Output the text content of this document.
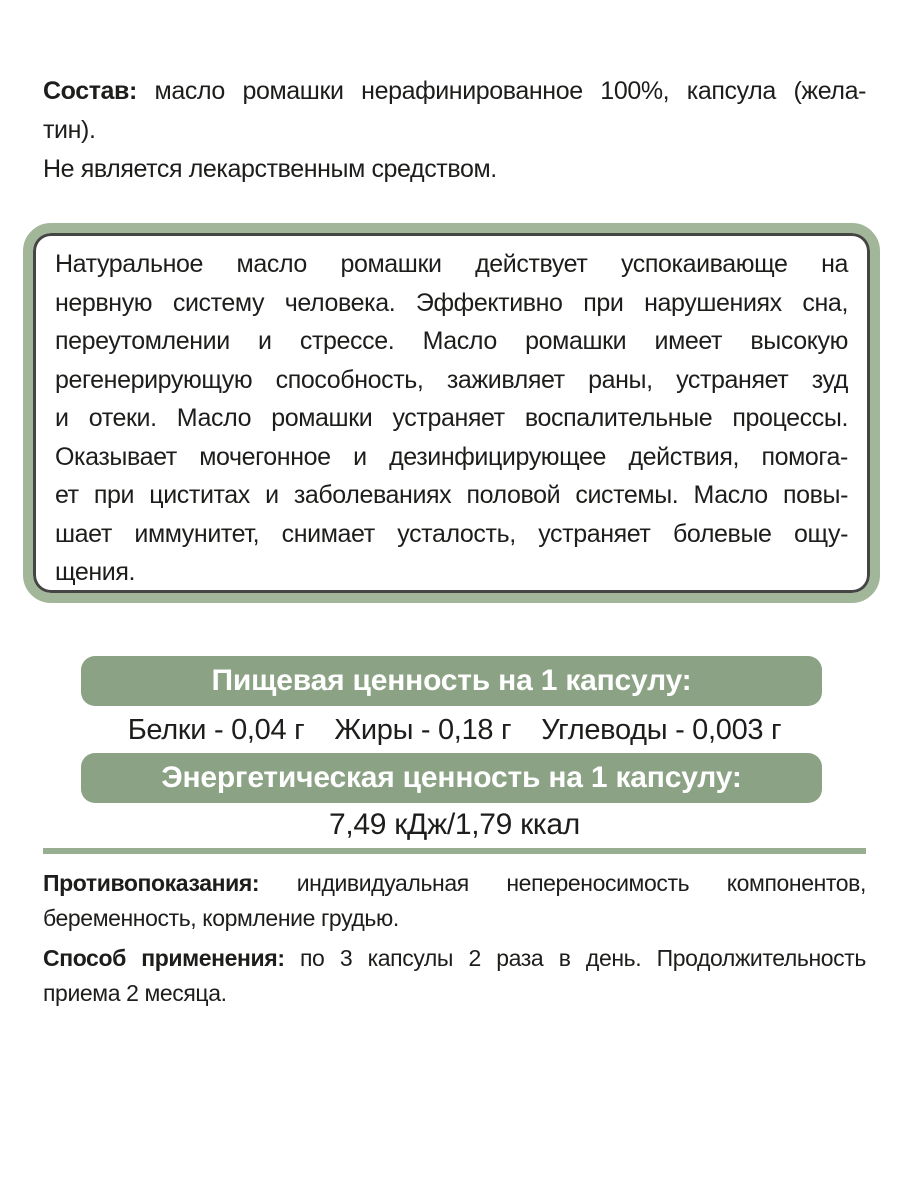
Состав: масло ромашки нерафинированное 100%, капсула (жела-
тин).
Не является лекарственным средством.
Натуральное масло ромашки действует успокаивающе на
нервную систему человека. Эффективно при нарушениях сна,
переутомлении и стрессе. Масло ромашки имеет высокую
регенерирующую способность, заживляет раны, устраняет зуд
и отеки. Масло ромашки устраняет воспалительные процессы.
Оказывает мочегонное и дезинфицирующее действия, помога-
ет при циститах и заболеваниях половой системы. Масло повы-
шает иммунитет, снимает усталость, устраняет болевые ощу-
щения.
Пищевая ценность на 1 капсулу:
Белки - 0,04 г Жиры - 0,18 г Углеводы - 0,003 г
Энергетическая ценность на 1 капсулу:
7,49 кДж/1,79 ккал
Противопоказания: индивидуальная непереносимость компонентов,
беременность, кормление грудью.
Способ применения: по 3 капсулы 2 раза в день. Продолжительность
приема 2 месяца.
